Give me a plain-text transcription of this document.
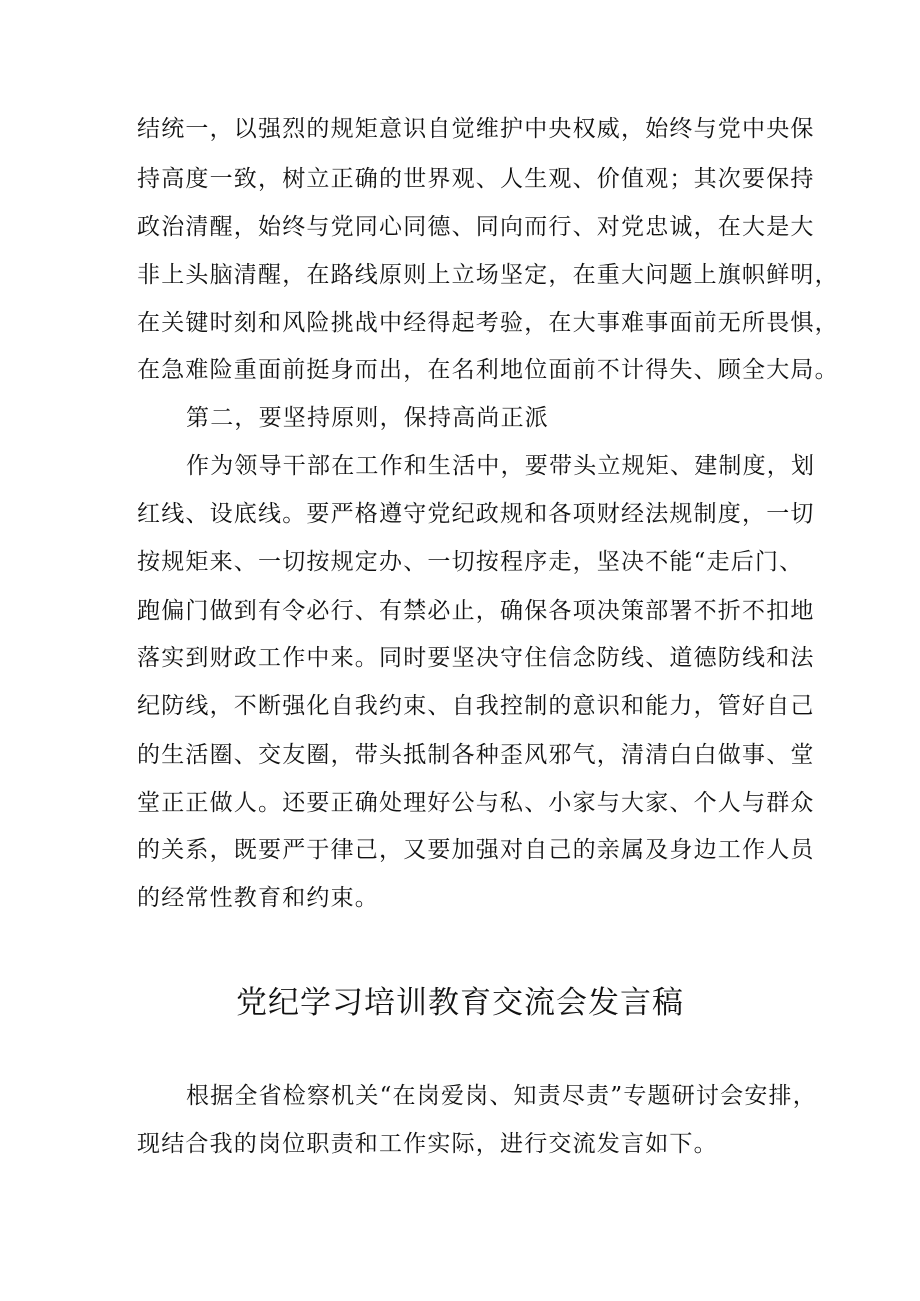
结统一，以强烈的规矩意识自觉维护中央权威，始终与党中央保
持高度一致，树立正确的世界观、人生观、价值观；其次要保持
政治清醒，始终与党同心同德、同向而行、对党忠诚，在大是大
非上头脑清醒，在路线原则上立场坚定，在重大问题上旗帜鲜明，
在关键时刻和风险挑战中经得起考验，在大事难事面前无所畏惧，
在急难险重面前挺身而出，在名利地位面前不计得失、顾全大局。
第二，要坚持原则，保持高尚正派
作为领导干部在工作和生活中，要带头立规矩、建制度，划
红线、设底线。要严格遵守党纪政规和各项财经法规制度，一切
按规矩来、一切按规定办、一切按程序走，坚决不能“走后门、
跑偏门做到有令必行、有禁必止，确保各项决策部署不折不扣地
落实到财政工作中来。同时要坚决守住信念防线、道德防线和法
纪防线，不断强化自我约束、自我控制的意识和能力，管好自己
的生活圈、交友圈，带头抵制各种歪风邪气，清清白白做事、堂
堂正正做人。还要正确处理好公与私、小家与大家、个人与群众
的关系，既要严于律己，又要加强对自己的亲属及身边工作人员
的经常性教育和约束。
党纪学习培训教育交流会发言稿
根据全省检察机关“在岗爱岗、知责尽责”专题研讨会安排，
现结合我的岗位职责和工作实际，进行交流发言如下。
